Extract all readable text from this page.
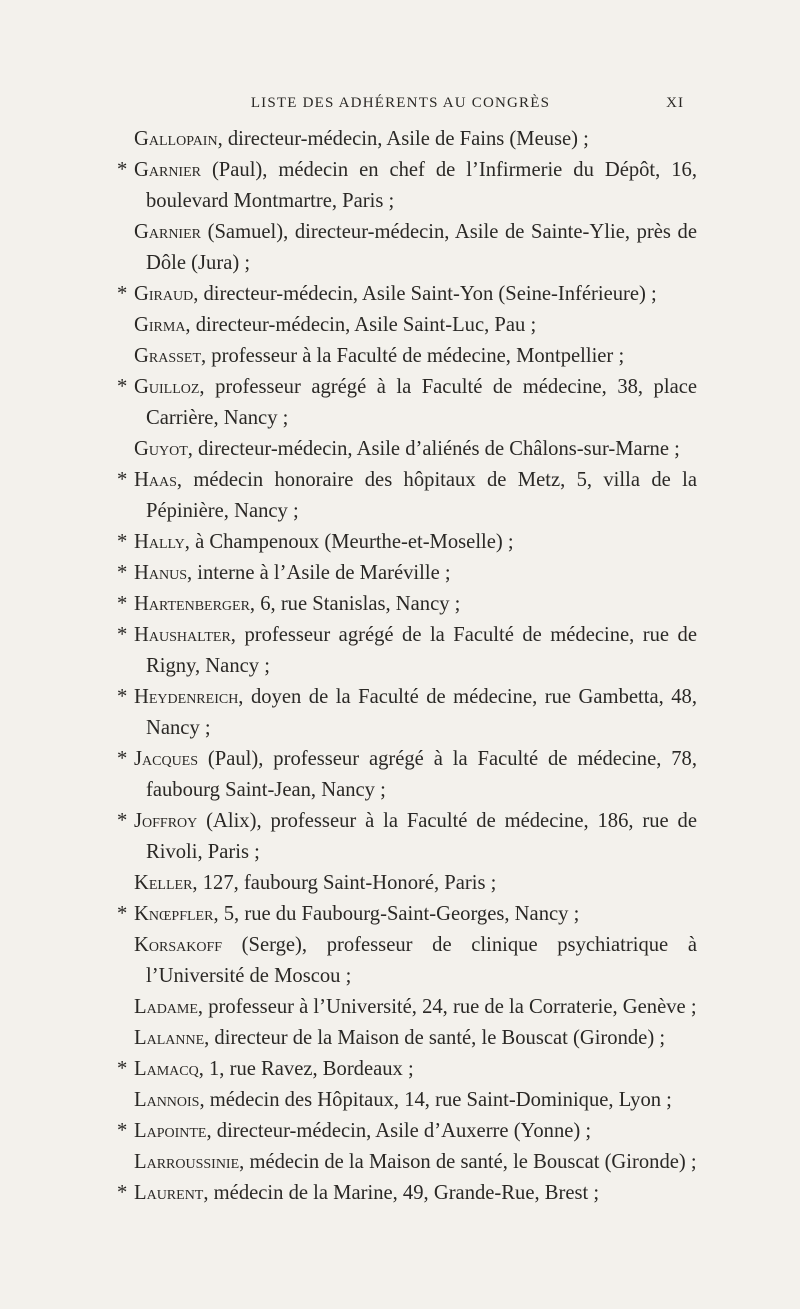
LISTE DES ADHÉRENTS AU CONGRÈS	XI
Gallopain, directeur-médecin, Asile de Fains (Meuse) ;
* Garnier (Paul), médecin en chef de l’Infirmerie du Dépôt, 16, boulevard Montmartre, Paris ;
Garnier (Samuel), directeur-médecin, Asile de Sainte-Ylie, près de Dôle (Jura) ;
* Giraud, directeur-médecin, Asile Saint-Yon (Seine-Inférieure) ;
Girma, directeur-médecin, Asile Saint-Luc, Pau ;
Grasset, professeur à la Faculté de médecine, Montpellier ;
* Guilloz, professeur agrégé à la Faculté de médecine, 38, place Carrière, Nancy ;
Guyot, directeur-médecin, Asile d’aliénés de Châlons-sur-Marne ;
* Haas, médecin honoraire des hôpitaux de Metz, 5, villa de la Pépinière, Nancy ;
* Hally, à Champenoux (Meurthe-et-Moselle) ;
* Hanus, interne à l’Asile de Maréville ;
* Hartenberger, 6, rue Stanislas, Nancy ;
* Haushalter, professeur agrégé de la Faculté de médecine, rue de Rigny, Nancy ;
* Heydenreich, doyen de la Faculté de médecine, rue Gambetta, 48, Nancy ;
* Jacques (Paul), professeur agrégé à la Faculté de médecine, 78, faubourg Saint-Jean, Nancy ;
* Joffroy (Alix), professeur à la Faculté de médecine, 186, rue de Rivoli, Paris ;
Keller, 127, faubourg Saint-Honoré, Paris ;
* Knœpfler, 5, rue du Faubourg-Saint-Georges, Nancy ;
Korsakoff (Serge), professeur de clinique psychiatrique à l’Université de Moscou ;
Ladame, professeur à l’Université, 24, rue de la Corraterie, Genève ;
Lalanne, directeur de la Maison de santé, le Bouscat (Gironde) ;
* Lamacq, 1, rue Ravez, Bordeaux ;
Lannois, médecin des Hôpitaux, 14, rue Saint-Dominique, Lyon ;
* Lapointe, directeur-médecin, Asile d’Auxerre (Yonne) ;
Larroussinie, médecin de la Maison de santé, le Bouscat (Gironde) ;
* Laurent, médecin de la Marine, 49, Grande-Rue, Brest ;
